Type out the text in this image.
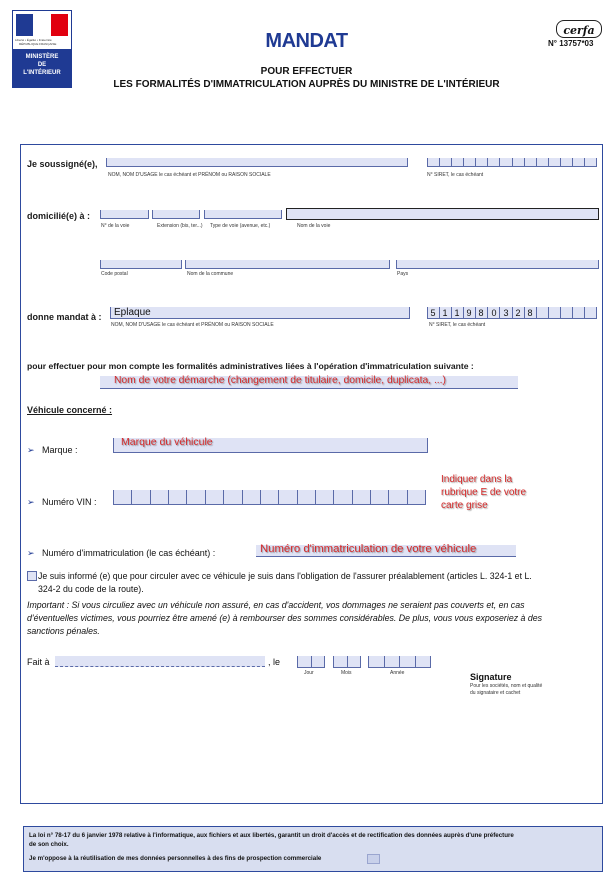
Liberté • Égalité • Fraternité
RÉPUBLIQUE FRANÇAISE
MINISTÈRE
DE
L'INTÉRIEUR
MANDAT
POUR EFFECTUER
LES FORMALITÉS D'IMMATRICULATION AUPRÈS DU MINISTRE DE L'INTÉRIEUR
cerfa
N° 13757*03
Je soussigné(e),
NOM, NOM D'USAGE le cas échéant et PRÉNOM ou RAISON SOCIALE	N° SIRET, le cas échéant
domicilié(e) à :
N° de la voie	Extension (bis, ter...) Type de voie (avenue, etc.)	Nom de la voie
Code postal	Nom de la commune	Pays
donne mandat à : Eplaque
NOM, NOM D'USAGE le cas échéant et PRÉNOM ou RAISON SOCIALE
5 1 1 9 8 0 3 2 8
N° SIRET, le cas échéant
pour effectuer pour mon compte les formalités administratives liées à l'opération d'immatriculation suivante :
Nom de votre démarche (changement de titulaire, domicile, duplicata, ...)
Véhicule concerné :
➢ Marque :
Marque du véhicule
➢ Numéro VIN :
Indiquer dans la
rubrique E de votre
carte grise
➢ Numéro d'immatriculation (le cas échéant) :	Numéro d'immatriculation de votre véhicule
Je suis informé (e) que pour circuler avec ce véhicule je suis dans l'obligation de l'assurer préalablement (articles L. 324-1 et L.
324-2 du code de la route).
Important : Si vous circuliez avec un véhicule non assuré, en cas d'accident, vos dommages ne seraient pas couverts et, en cas
d'éventuelles victimes, vous pourriez être amené (e) à rembourser des sommes considérables. De plus, vous vous exposeriez à des
sanctions pénales.
Fait à	, le
Jour	Mois	Année	Signature
Pour les sociétés, nom et qualité
du signataire et cachet
La loi n° 78-17 du 6 janvier 1978 relative à l'informatique, aux fichiers et aux libertés, garantit un droit d'accès et de rectification des données auprès d'une préfecture
de son choix.
Je m'oppose à la réutilisation de mes données personnelles à des fins de prospection commerciale
